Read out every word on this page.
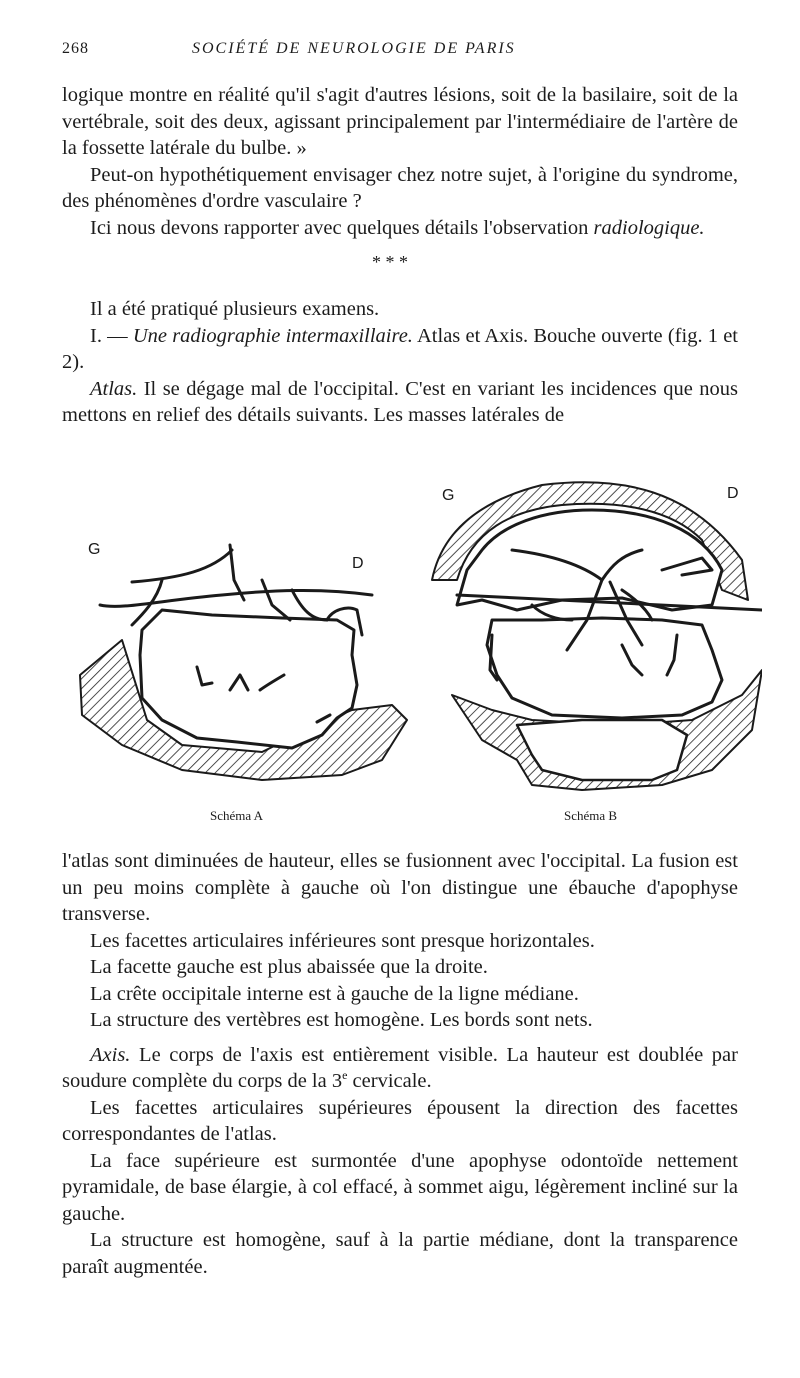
268	SOCIÉTÉ DE NEUROLOGIE DE PARIS

logique montre en réalité qu'il s'agit d'autres lésions, soit de la basilaire, soit de la vertébrale, soit des deux, agissant principalement par l'intermédiaire de l'artère de la fossette latérale du bulbe. »

Peut-on hypothétiquement envisager chez notre sujet, à l'origine du syndrome, des phénomènes d'ordre vasculaire ?

Ici nous devons rapporter avec quelques détails l'observation radiologique.

* * *

Il a été pratiqué plusieurs examens.

I. — Une radiographie intermaxillaire. Atlas et Axis. Bouche ouverte (fig. 1 et 2).

Atlas. Il se dégage mal de l'occipital. C'est en variant les incidences que nous mettons en relief des détails suivants. Les masses latérales de

G
D
G	D
Schéma A	Schéma B

l'atlas sont diminuées de hauteur, elles se fusionnent avec l'occipital. La fusion est un peu moins complète à gauche où l'on distingue une ébauche d'apophyse transverse.

Les facettes articulaires inférieures sont presque horizontales.

La facette gauche est plus abaissée que la droite.

La crête occipitale interne est à gauche de la ligne médiane.

La structure des vertèbres est homogène. Les bords sont nets.

Axis. Le corps de l'axis est entièrement visible. La hauteur est doublée par soudure complète du corps de la 3e cervicale.

Les facettes articulaires supérieures épousent la direction des facettes correspondantes de l'atlas.

La face supérieure est surmontée d'une apophyse odontoïde nettement pyramidale, de base élargie, à col effacé, à sommet aigu, légèrement incliné sur la gauche.

La structure est homogène, sauf à la partie médiane, dont la transparence paraît augmentée.
